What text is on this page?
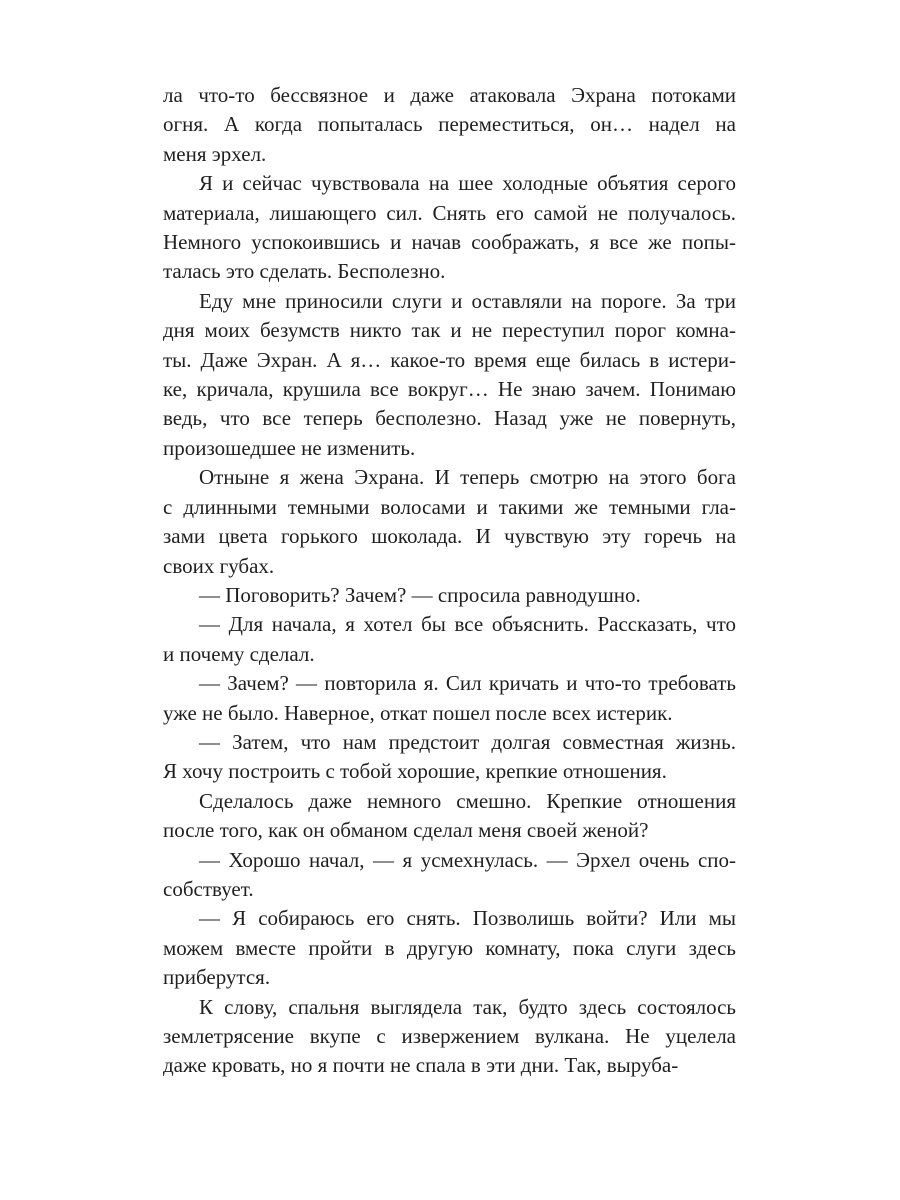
ла что-то бессвязное и даже атаковала Эхрана потоками
огня. А когда попыталась переместиться, он… надел на
меня эрхел.
Я и сейчас чувствовала на шее холодные объятия серого
материала, лишающего сил. Снять его самой не получалось.
Немного успокоившись и начав соображать, я все же попы-
талась это сделать. Бесполезно.
Еду мне приносили слуги и оставляли на пороге. За три
дня моих безумств никто так и не переступил порог комна-
ты. Даже Эхран. А я… какое-то время еще билась в истери-
ке, кричала, крушила все вокруг… Не знаю зачем. Понимаю
ведь, что все теперь бесполезно. Назад уже не повернуть,
произошедшее не изменить.
Отныне я жена Эхрана. И теперь смотрю на этого бога
с длинными темными волосами и такими же темными гла-
зами цвета горького шоколада. И чувствую эту горечь на
своих губах.
— Поговорить? Зачем? — спросила равнодушно.
— Для начала, я хотел бы все объяснить. Рассказать, что
и почему сделал.
— Зачем? — повторила я. Сил кричать и что-то требовать
уже не было. Наверное, откат пошел после всех истерик.
— Затем, что нам предстоит долгая совместная жизнь.
Я хочу построить с тобой хорошие, крепкие отношения.
Сделалось даже немного смешно. Крепкие отношения
после того, как он обманом сделал меня своей женой?
— Хорошо начал, — я усмехнулась. — Эрхел очень спо-
собствует.
— Я собираюсь его снять. Позволишь войти? Или мы
можем вместе пройти в другую комнату, пока слуги здесь
приберутся.
К слову, спальня выглядела так, будто здесь состоялось
землетрясение вкупе с извержением вулкана. Не уцелела
даже кровать, но я почти не спала в эти дни. Так, выруба-
